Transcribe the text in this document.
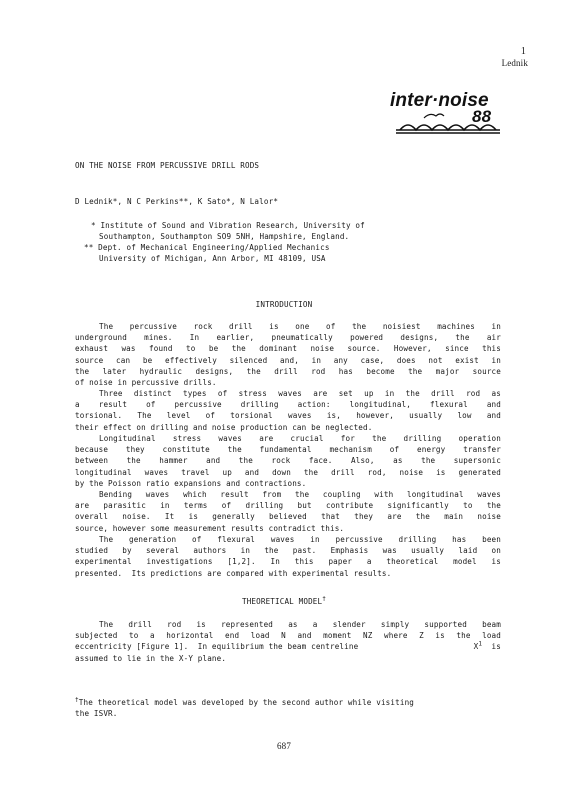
1
Lednik
inter·noise
88
ON THE NOISE FROM PERCUSSIVE DRILL RODS
D Lednik*, N C Perkins**, K Sato*, N Lalor*
* Institute of Sound and Vibration Research, University of
Southampton, Southampton SO9 5NH, Hampshire, England.
** Dept. of Mechanical Engineering/Applied Mechanics
University of Michigan, Ann Arbor, MI 48109, USA
INTRODUCTION
The percussive rock drill is one of the noisiest machines in
underground mines. In earlier, pneumatically powered designs, the air
exhaust was found to be the dominant noise source. However, since this
source can be effectively silenced and, in any case, does not exist in
the later hydraulic designs, the drill rod has become the major source
of noise in percussive drills.
Three distinct types of stress waves are set up in the drill rod as
a result of percussive drilling action: longitudinal, flexural and
torsional. The level of torsional waves is, however, usually low and
their effect on drilling and noise production can be neglected.
Longitudinal stress waves are crucial for the drilling operation
because they constitute the fundamental mechanism of energy transfer
between the hammer and the rock face. Also, as the supersonic
longitudinal waves travel up and down the drill rod, noise is generated
by the Poisson ratio expansions and contractions.
Bending waves which result from the coupling with longitudinal waves
are parasitic in terms of drilling but contribute significantly to the
overall noise. It is generally believed that they are the main noise
source, however some measurement results contradict this.
The generation of flexural waves in percussive drilling has been
studied by several authors in the past. Emphasis was usually laid on
experimental investigations [1,2]. In this paper a theoretical model is
presented.  Its predictions are compared with experimental results.
THEORETICAL MODEL†
The drill rod is represented as a slender simply supported beam
subjected to a horizontal end load N and moment NZ where Z is the load
eccentricity [Figure 1].  In equilibrium the beam centreline	$X^1$ is
assumed to lie in the X-Y plane.
†The theoretical model was developed by the second author while visiting
the ISVR.
687
